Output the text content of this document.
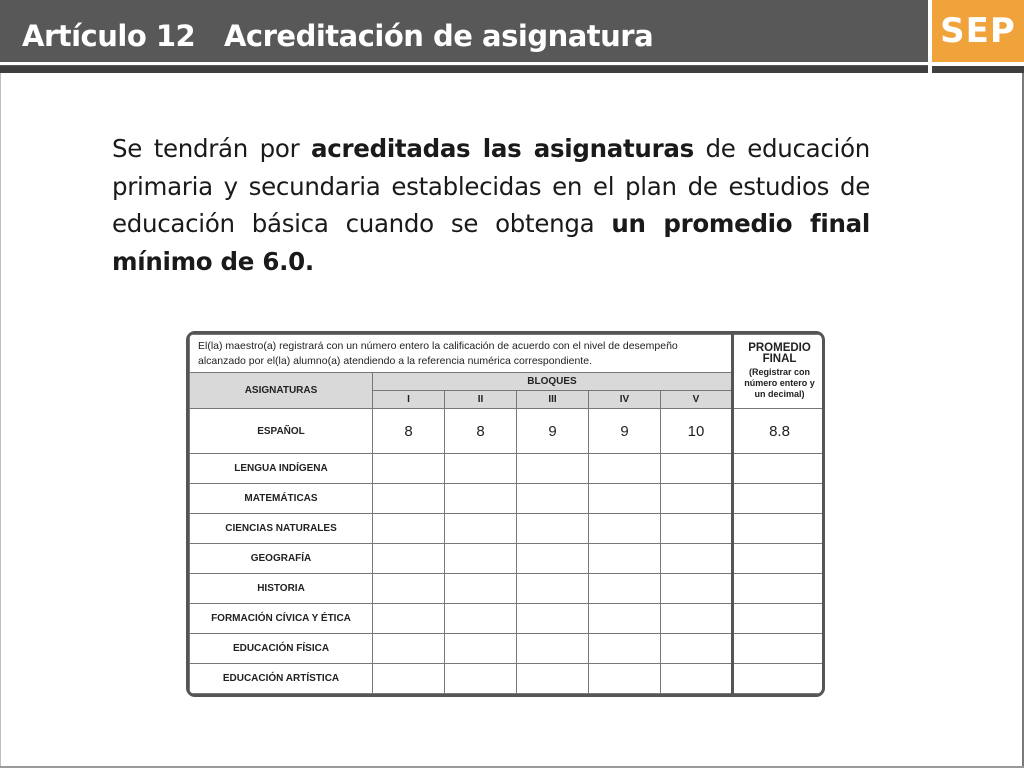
Artículo 12   Acreditación de asignatura	SEP

Se tendrán por acreditadas las asignaturas de educación primaria y secundaria establecidas en el plan de estudios de educación básica cuando se obtenga un promedio final mínimo de 6.0.

El(la) maestro(a) registrará con un número entero la calificación de acuerdo con el nivel de desempeño alcanzado por el(la) alumno(a) atendiendo a la referencia numérica correspondiente.						PROMEDIO FINAL
(Registrar con número entero y un decimal)

ASIGNATURAS	BLOQUES					
	I	II	III	IV	V	
ESPAÑOL	8	8	9	9	10	8.8
LENGUA INDÍGENA						
MATEMÁTICAS						
CIENCIAS NATURALES						
GEOGRAFÍA						
HISTORIA						
FORMACIÓN CÍVICA Y ÉTICA						
EDUCACIÓN FÍSICA						
EDUCACIÓN ARTÍSTICA						
